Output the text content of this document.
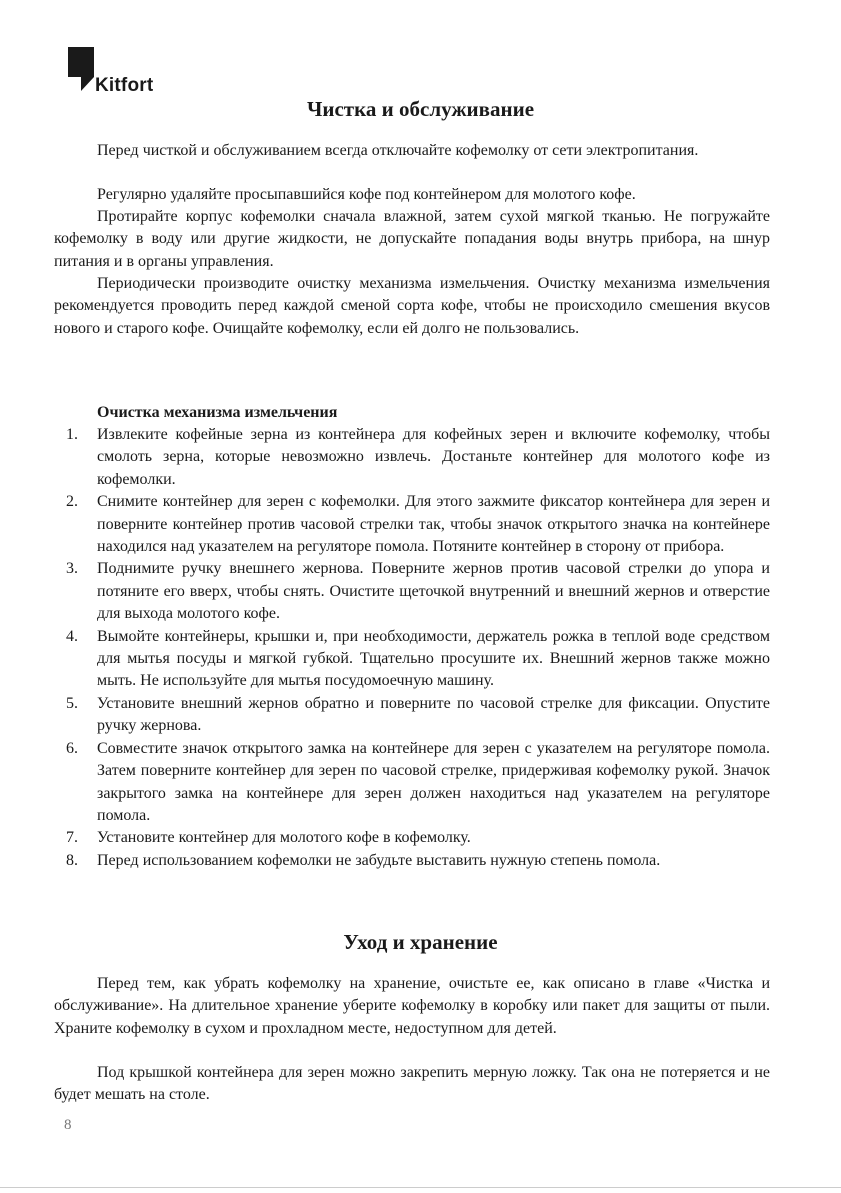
Kitfort
Чистка и обслуживание

Перед чисткой и обслуживанием всегда отключайте кофемолку от сети электропитания.

Регулярно удаляйте просыпавшийся кофе под контейнером для молотого кофе.

Протирайте корпус кофемолки сначала влажной, затем сухой мягкой тканью. Не погружайте кофемолку в воду или другие жидкости, не допускайте попадания воды внутрь прибора, на шнур питания и в органы управления.

Периодически производите очистку механизма измельчения. Очистку механизма измельчения рекомендуется проводить перед каждой сменой сорта кофе, чтобы не происходило смешения вкусов нового и старого кофе. Очищайте кофемолку, если ей долго не пользовались.

Очистка механизма измельчения
1. Извлеките кофейные зерна из контейнера для кофейных зерен и включите кофемолку, чтобы смолоть зерна, которые невозможно извлечь. Достаньте контейнер для молотого кофе из кофемолки.
2. Снимите контейнер для зерен с кофемолки. Для этого зажмите фиксатор контейнера для зерен и поверните контейнер против часовой стрелки так, чтобы значок открытого значка на контейнере находился над указателем на регуляторе помола. Потяните контейнер в сторону от прибора.
3. Поднимите ручку внешнего жернова. Поверните жернов против часовой стрелки до упора и потяните его вверх, чтобы снять. Очистите щеточкой внутренний и внешний жернов и отверстие для выхода молотого кофе.
4. Вымойте контейнеры, крышки и, при необходимости, держатель рожка в теплой воде средством для мытья посуды и мягкой губкой. Тщательно просушите их. Внешний жернов также можно мыть. Не используйте для мытья посудомоечную машину.
5. Установите внешний жернов обратно и поверните по часовой стрелке для фиксации. Опустите ручку жернова.
6. Совместите значок открытого замка на контейнере для зерен с указателем на регуляторе помола. Затем поверните контейнер для зерен по часовой стрелке, придерживая кофемолку рукой. Значок закрытого замка на контейнере для зерен должен находиться над указателем на регуляторе помола.
7. Установите контейнер для молотого кофе в кофемолку.
8. Перед использованием кофемолки не забудьте выставить нужную степень помола.
Уход и хранение

Перед тем, как убрать кофемолку на хранение, очистьте ее, как описано в главе «Чистка и обслуживание». На длительное хранение уберите кофемолку в коробку или пакет для защиты от пыли. Храните кофемолку в сухом и прохладном месте, недоступном для детей.

Под крышкой контейнера для зерен можно закрепить мерную ложку. Так она не потеряется и не будет мешать на столе.

8
